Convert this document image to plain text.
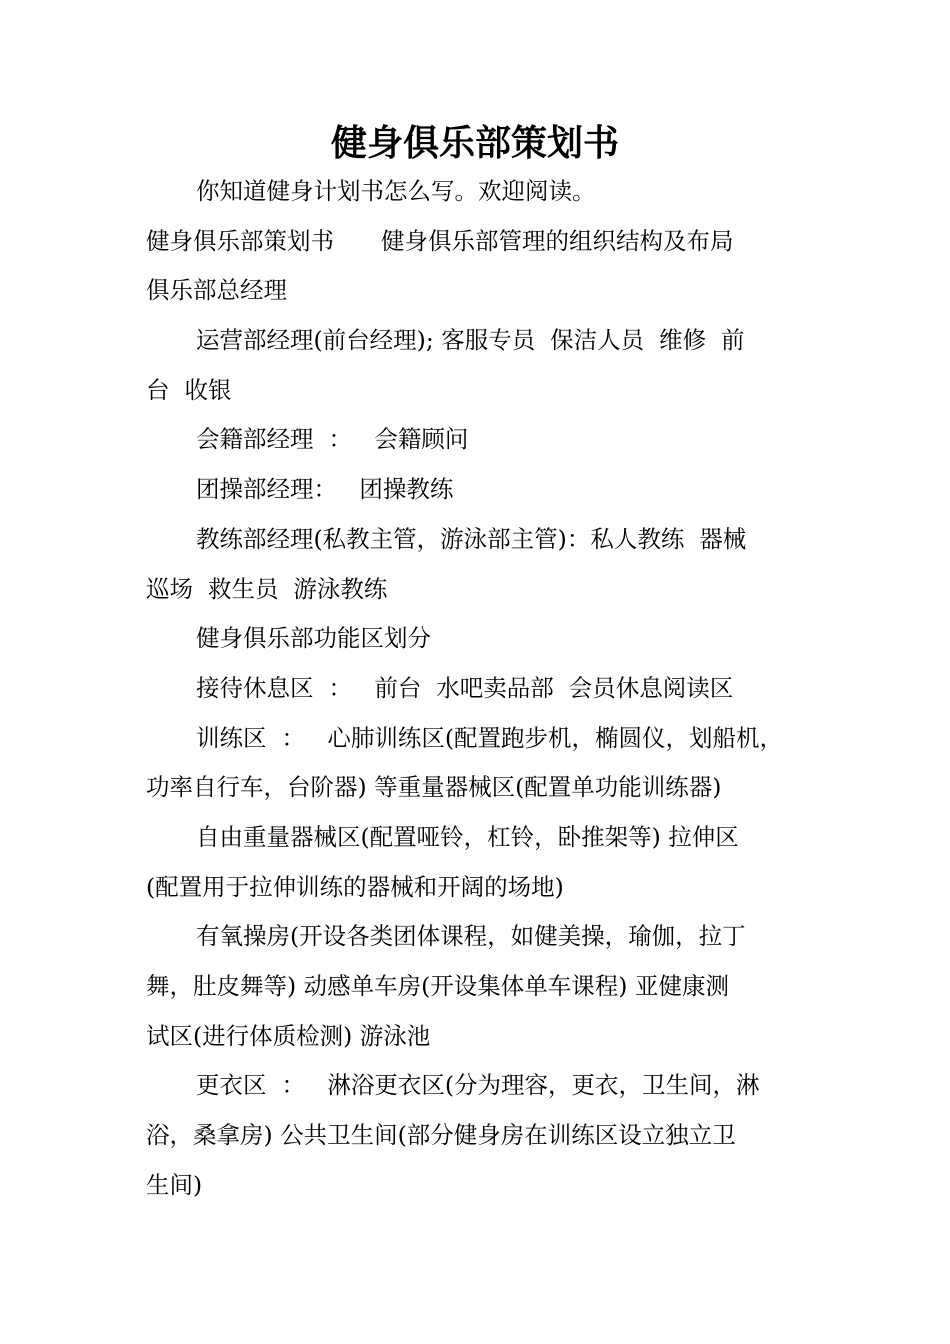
健身俱乐部策划书
你知道健身计划书怎么写。欢迎阅读。
健身俱乐部策划书　　健身俱乐部管理的组织结构及布局
俱乐部总经理
运营部经理(前台经理); 客服专员  保洁人员  维修  前
台  收银
会籍部经理  ：   会籍顾问
团操部经理：   团操教练
教练部经理(私教主管，游泳部主管)：私人教练  器械
巡场  救生员  游泳教练
健身俱乐部功能区划分
接待休息区  ：   前台  水吧卖品部  会员休息阅读区
训练区  ：   心肺训练区(配置跑步机，椭圆仪，划船机，
功率自行车，台阶器) 等重量器械区(配置单功能训练器)
自由重量器械区(配置哑铃，杠铃，卧推架等) 拉伸区
(配置用于拉伸训练的器械和开阔的场地)
有氧操房(开设各类团体课程，如健美操，瑜伽，拉丁
舞，肚皮舞等) 动感单车房(开设集体单车课程) 亚健康测
试区(进行体质检测) 游泳池
更衣区  ：   淋浴更衣区(分为理容，更衣，卫生间，淋
浴，桑拿房) 公共卫生间(部分健身房在训练区设立独立卫
生间)
